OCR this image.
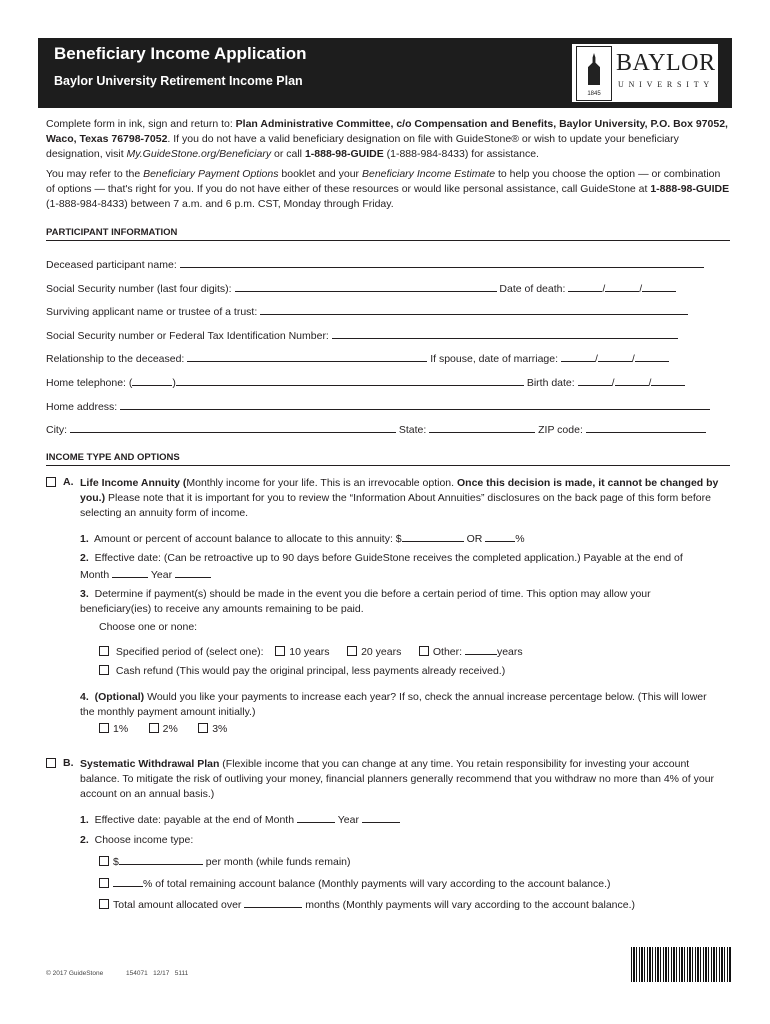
Beneficiary Income Application
Baylor University Retirement Income Plan
1845
BAYLOR
UNIVERSITY
Complete form in ink, sign and return to: Plan Administrative Committee, c/o Compensation and Benefits, Baylor University, P.O. Box 97052, Waco, Texas 76798-7052. If you do not have a valid beneficiary designation on file with GuideStone® or wish to update your beneficiary designation, visit My.GuideStone.org/Beneficiary or call 1-888-98-GUIDE (1-888-984-8433) for assistance.
You may refer to the Beneficiary Payment Options booklet and your Beneficiary Income Estimate to help you choose the option — or combination of options — that's right for you. If you do not have either of these resources or would like personal assistance, call GuideStone at 1-888-98-GUIDE (1-888-984-8433) between 7 a.m. and 6 p.m. CST, Monday through Friday.
PARTICIPANT INFORMATION
Deceased participant name:
Social Security number (last four digits):	Date of death:	/	/
Surviving applicant name or trustee of a trust:
Social Security number or Federal Tax Identification Number:
Relationship to the deceased:	If spouse, date of marriage:	/	/
Home telephone: (	)	Birth date:	/	/
Home address:
City:	State:	ZIP code:
INCOME TYPE AND OPTIONS
A. Life Income Annuity (Monthly income for your life. This is an irrevocable option. Once this decision is made, it cannot be changed by you.) Please note that it is important for you to review the “Information About Annuities” disclosures on the back page of this form before selecting an annuity form of income.
1. Amount or percent of account balance to allocate to this annuity: $	OR	%
2. Effective date: (Can be retroactive up to 90 days before GuideStone receives the completed application.) Payable at the end of Month	Year
3. Determine if payment(s) should be made in the event you die before a certain period of time. This option may allow your beneficiary(ies) to receive any amounts remaining to be paid.
Choose one or none:
Specified period of (select one): 10 years	20 years	Other:	years
Cash refund (This would pay the original principal, less payments already received.)
4. (Optional) Would you like your payments to increase each year? If so, check the annual increase percentage below. (This will lower the monthly payment amount initially.)
1%	2%	3%
B. Systematic Withdrawal Plan (Flexible income that you can change at any time. You retain responsibility for investing your account balance. To mitigate the risk of outliving your money, financial planners generally recommend that you withdraw no more than 4% of your account on an annual basis.)
1. Effective date: payable at the end of Month	Year
2. Choose income type:
$	per month (while funds remain)
% of total remaining account balance (Monthly payments will vary according to the account balance.)
Total amount allocated over	months (Monthly payments will vary according to the account balance.)
© 2017 GuideStone	154071   12/17   5111
